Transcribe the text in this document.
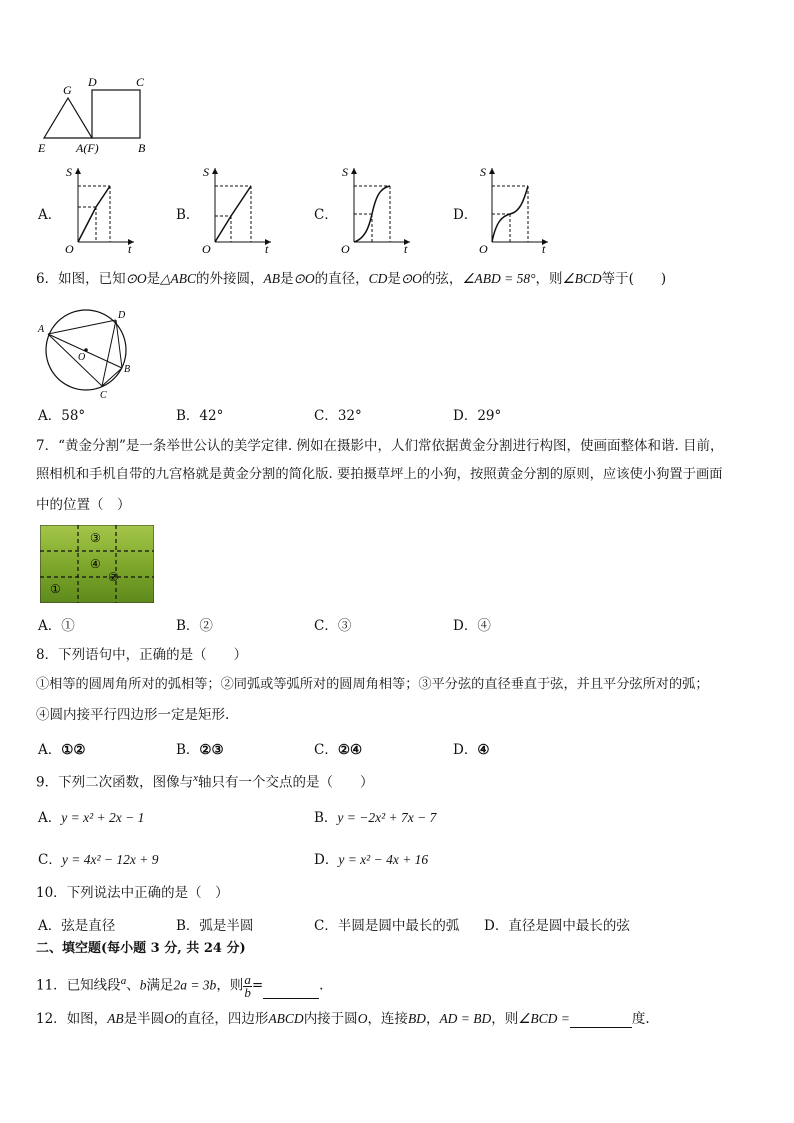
G
D	C
E	A(F)	B
A．
S
O	t
B．
S
O	t
C．
S
O	t
D．
S
O	t
6．如图，已知⊙O是△ABC的外接圆，AB是⊙O的直径，CD是⊙O的弦，∠ABD = 58°，则∠BCD等于(　　)
A
D
O
B
C
A．58°	B．42°	C．32°	D．29°
7．“黄金分割”是一条举世公认的美学定律. 例如在摄影中，人们常依据黄金分割进行构图，使画面整体和谐. 目前，
照相机和手机自带的九宫格就是黄金分割的简化版. 要拍摄草坪上的小狗，按照黄金分割的原则，应该使小狗置于画面
中的位置（　）
③
④
②
①
A．①	B．②	C．③	D．④
8．下列语句中，正确的是（　　）
①相等的圆周角所对的弧相等；②同弧或等弧所对的圆周角相等；③平分弦的直径垂直于弦，并且平分弦所对的弧；
④圆内接平行四边形一定是矩形.
A．①②	B．②③	C．②④	D．④
9．下列二次函数，图像与$^x$轴只有一个交点的是（　　）
A．y = x² + 2x − 1	B．y = −2x² + 7x − 7
C．y = 4x² − 12x + 9	D．y = x² − 4x + 16
10．下列说法中正确的是（　）
A．弦是直径	B．弧是半圆	C．半圆是圆中最长的弧 D．直径是圆中最长的弦
二、填空题(每小题 3 分, 共 24 分)
11．已知线段$^a$、b满足2a = 3b，则 $\frac{a}{b}$ =	.
12．如图，AB是半圆O的直径，四边形ABCD内接于圆O，连接BD，AD = BD，则∠BCD =	度.
